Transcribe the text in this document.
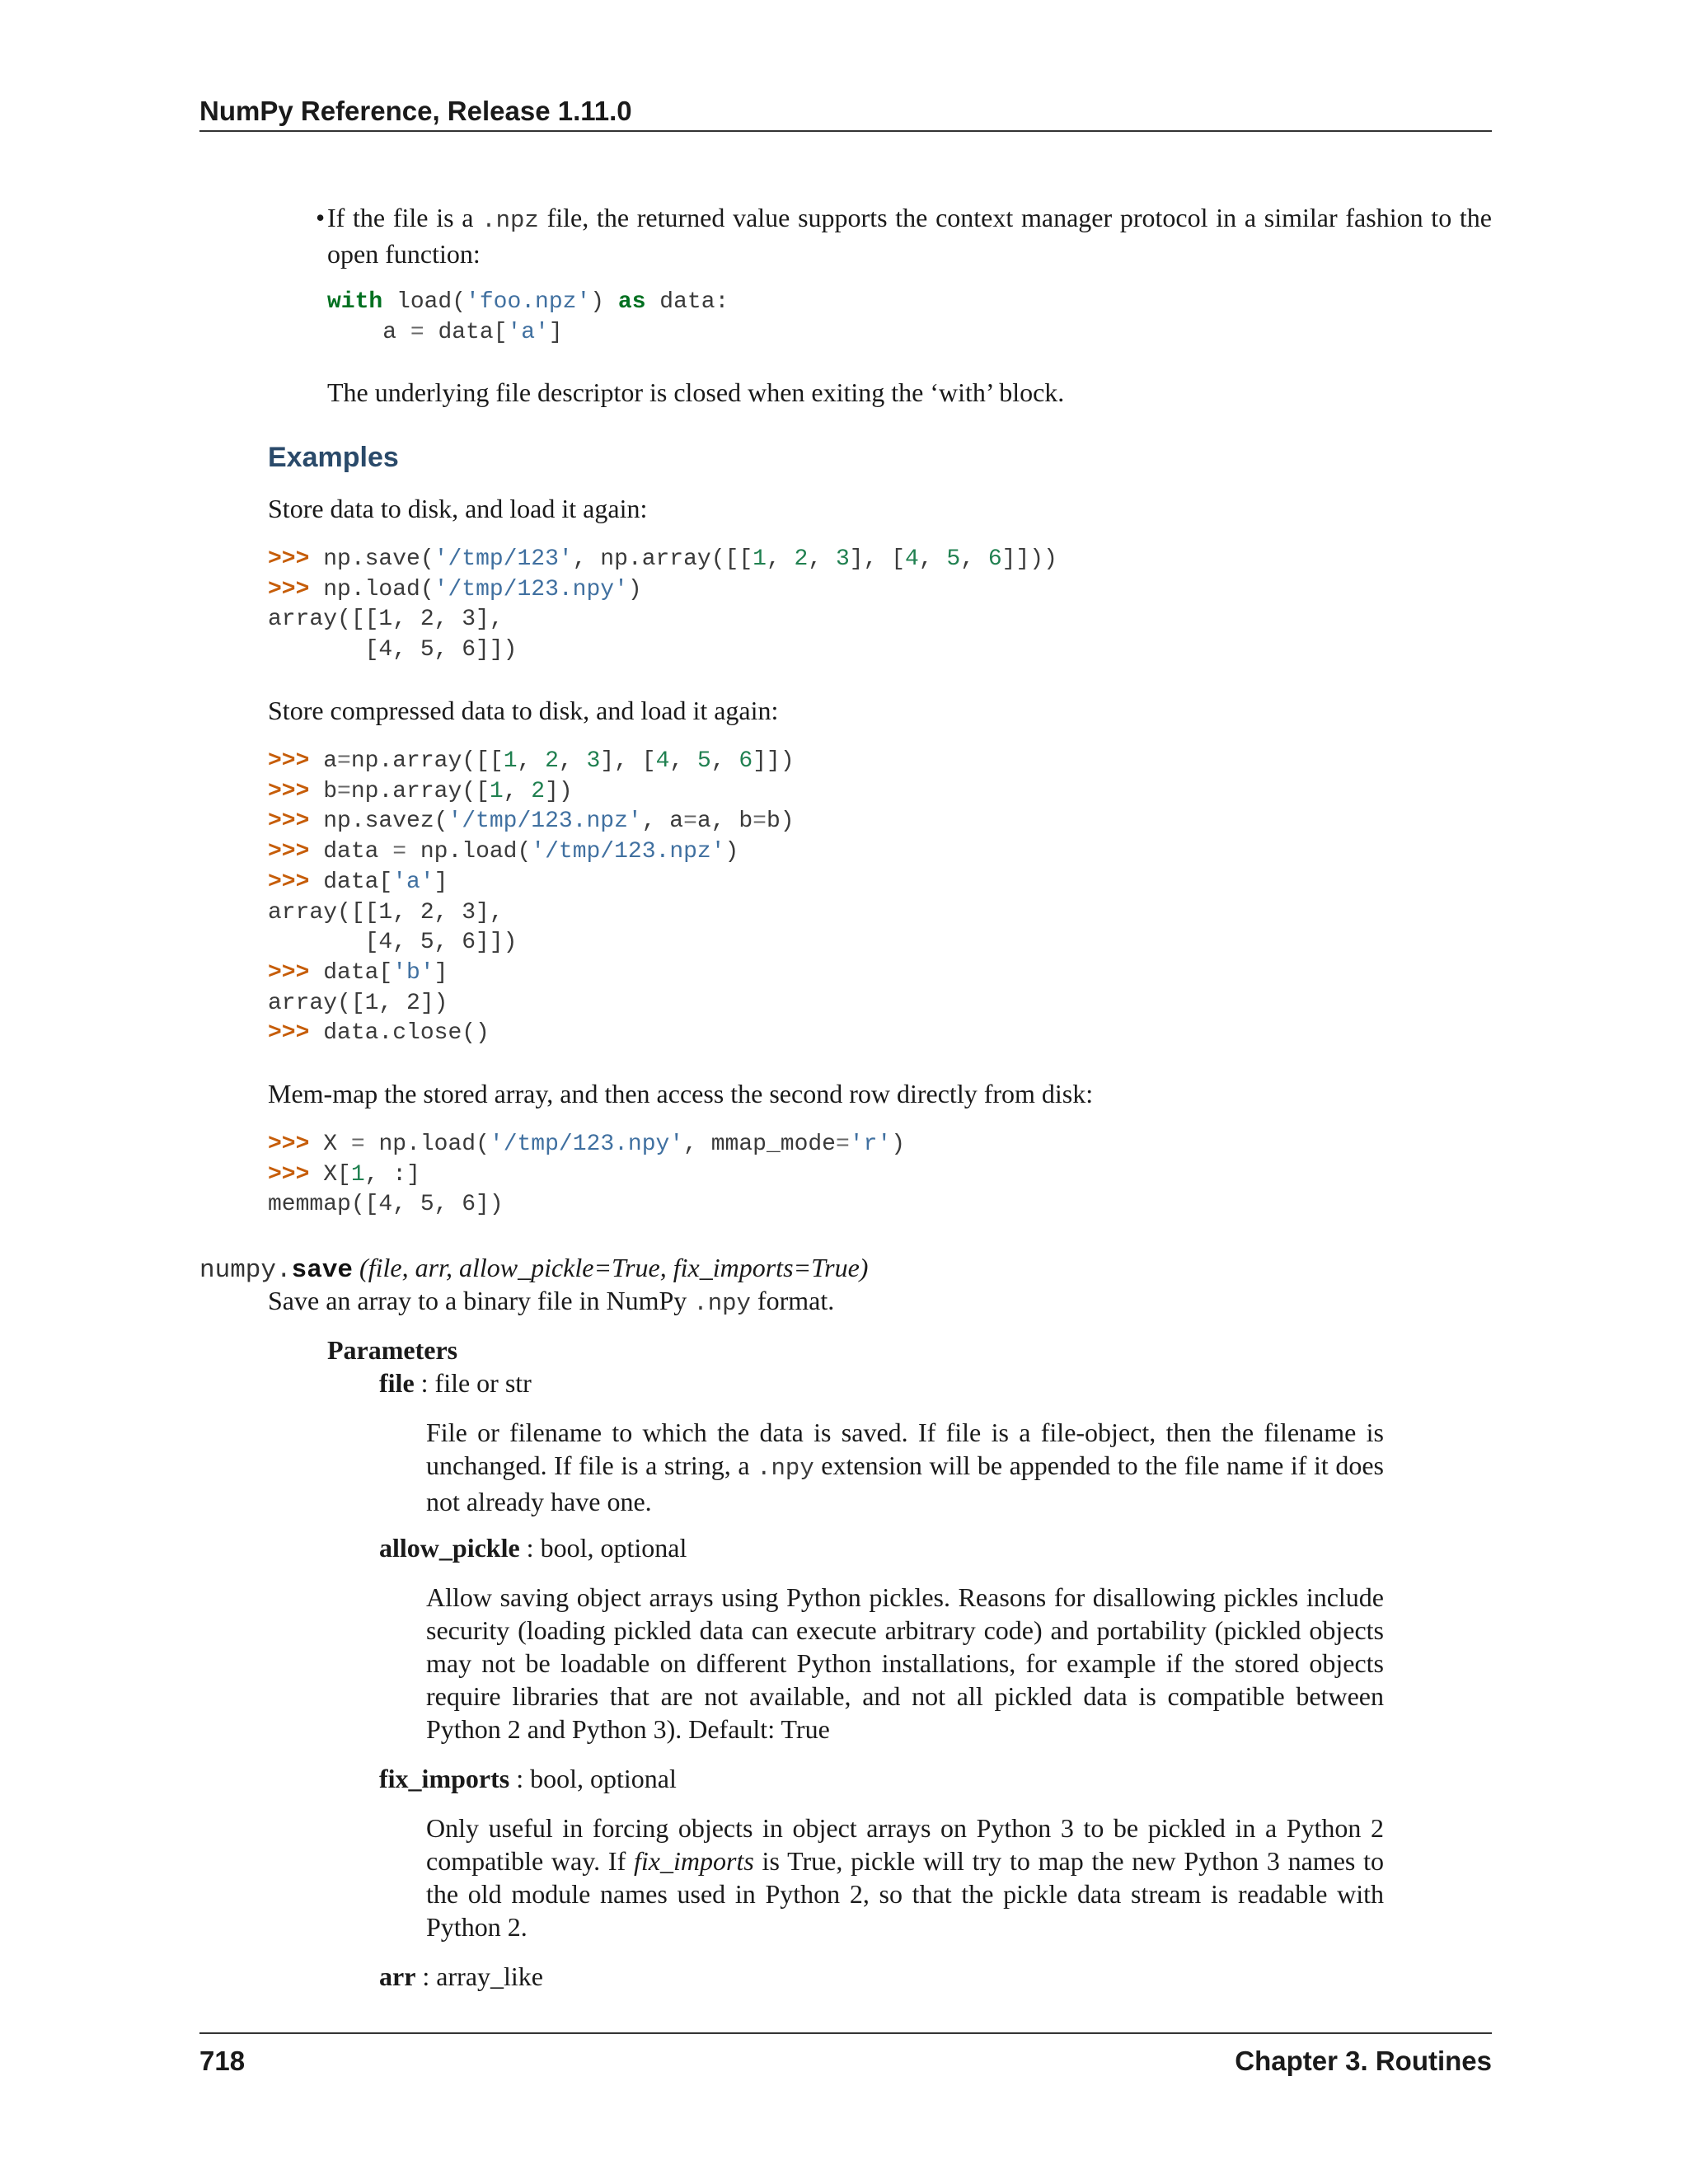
NumPy Reference, Release 1.11.0
• If the file is a .npz file, the returned value supports the context manager protocol in a similar fashion to the open function:
with load('foo.npz') as data:
a = data['a']
The underlying file descriptor is closed when exiting the ‘with’ block.
Examples
Store data to disk, and load it again:
>>> np.save('/tmp/123', np.array([[1, 2, 3], [4, 5, 6]]))
>>> np.load('/tmp/123.npy')
array([[1, 2, 3],
[4, 5, 6]])
Store compressed data to disk, and load it again:
>>> a=np.array([[1, 2, 3], [4, 5, 6]])
>>> b=np.array([1, 2])
>>> np.savez('/tmp/123.npz', a=a, b=b)
>>> data = np.load('/tmp/123.npz')
>>> data['a']
array([[1, 2, 3],
[4, 5, 6]])
>>> data['b']
array([1, 2])
>>> data.close()
Mem-map the stored array, and then access the second row directly from disk:
>>> X = np.load('/tmp/123.npy', mmap_mode='r')
>>> X[1, :]
memmap([4, 5, 6])
numpy.save (file, arr, allow_pickle=True, fix_imports=True)
Save an array to a binary file in NumPy .npy format.
Parameters
file : file or str
File or filename to which the data is saved. If file is a file-object, then the filename is unchanged. If file is a string, a .npy extension will be appended to the file name if it does not already have one.
allow_pickle : bool, optional
Allow saving object arrays using Python pickles. Reasons for disallowing pickles include security (loading pickled data can execute arbitrary code) and portability (pickled objects may not be loadable on different Python installations, for example if the stored objects require libraries that are not available, and not all pickled data is compatible between Python 2 and Python 3). Default: True
fix_imports : bool, optional
Only useful in forcing objects in object arrays on Python 3 to be pickled in a Python 2 compatible way. If fix_imports is True, pickle will try to map the new Python 3 names to the old module names used in Python 2, so that the pickle data stream is readable with Python 2.
arr : array_like
718	Chapter 3. Routines
